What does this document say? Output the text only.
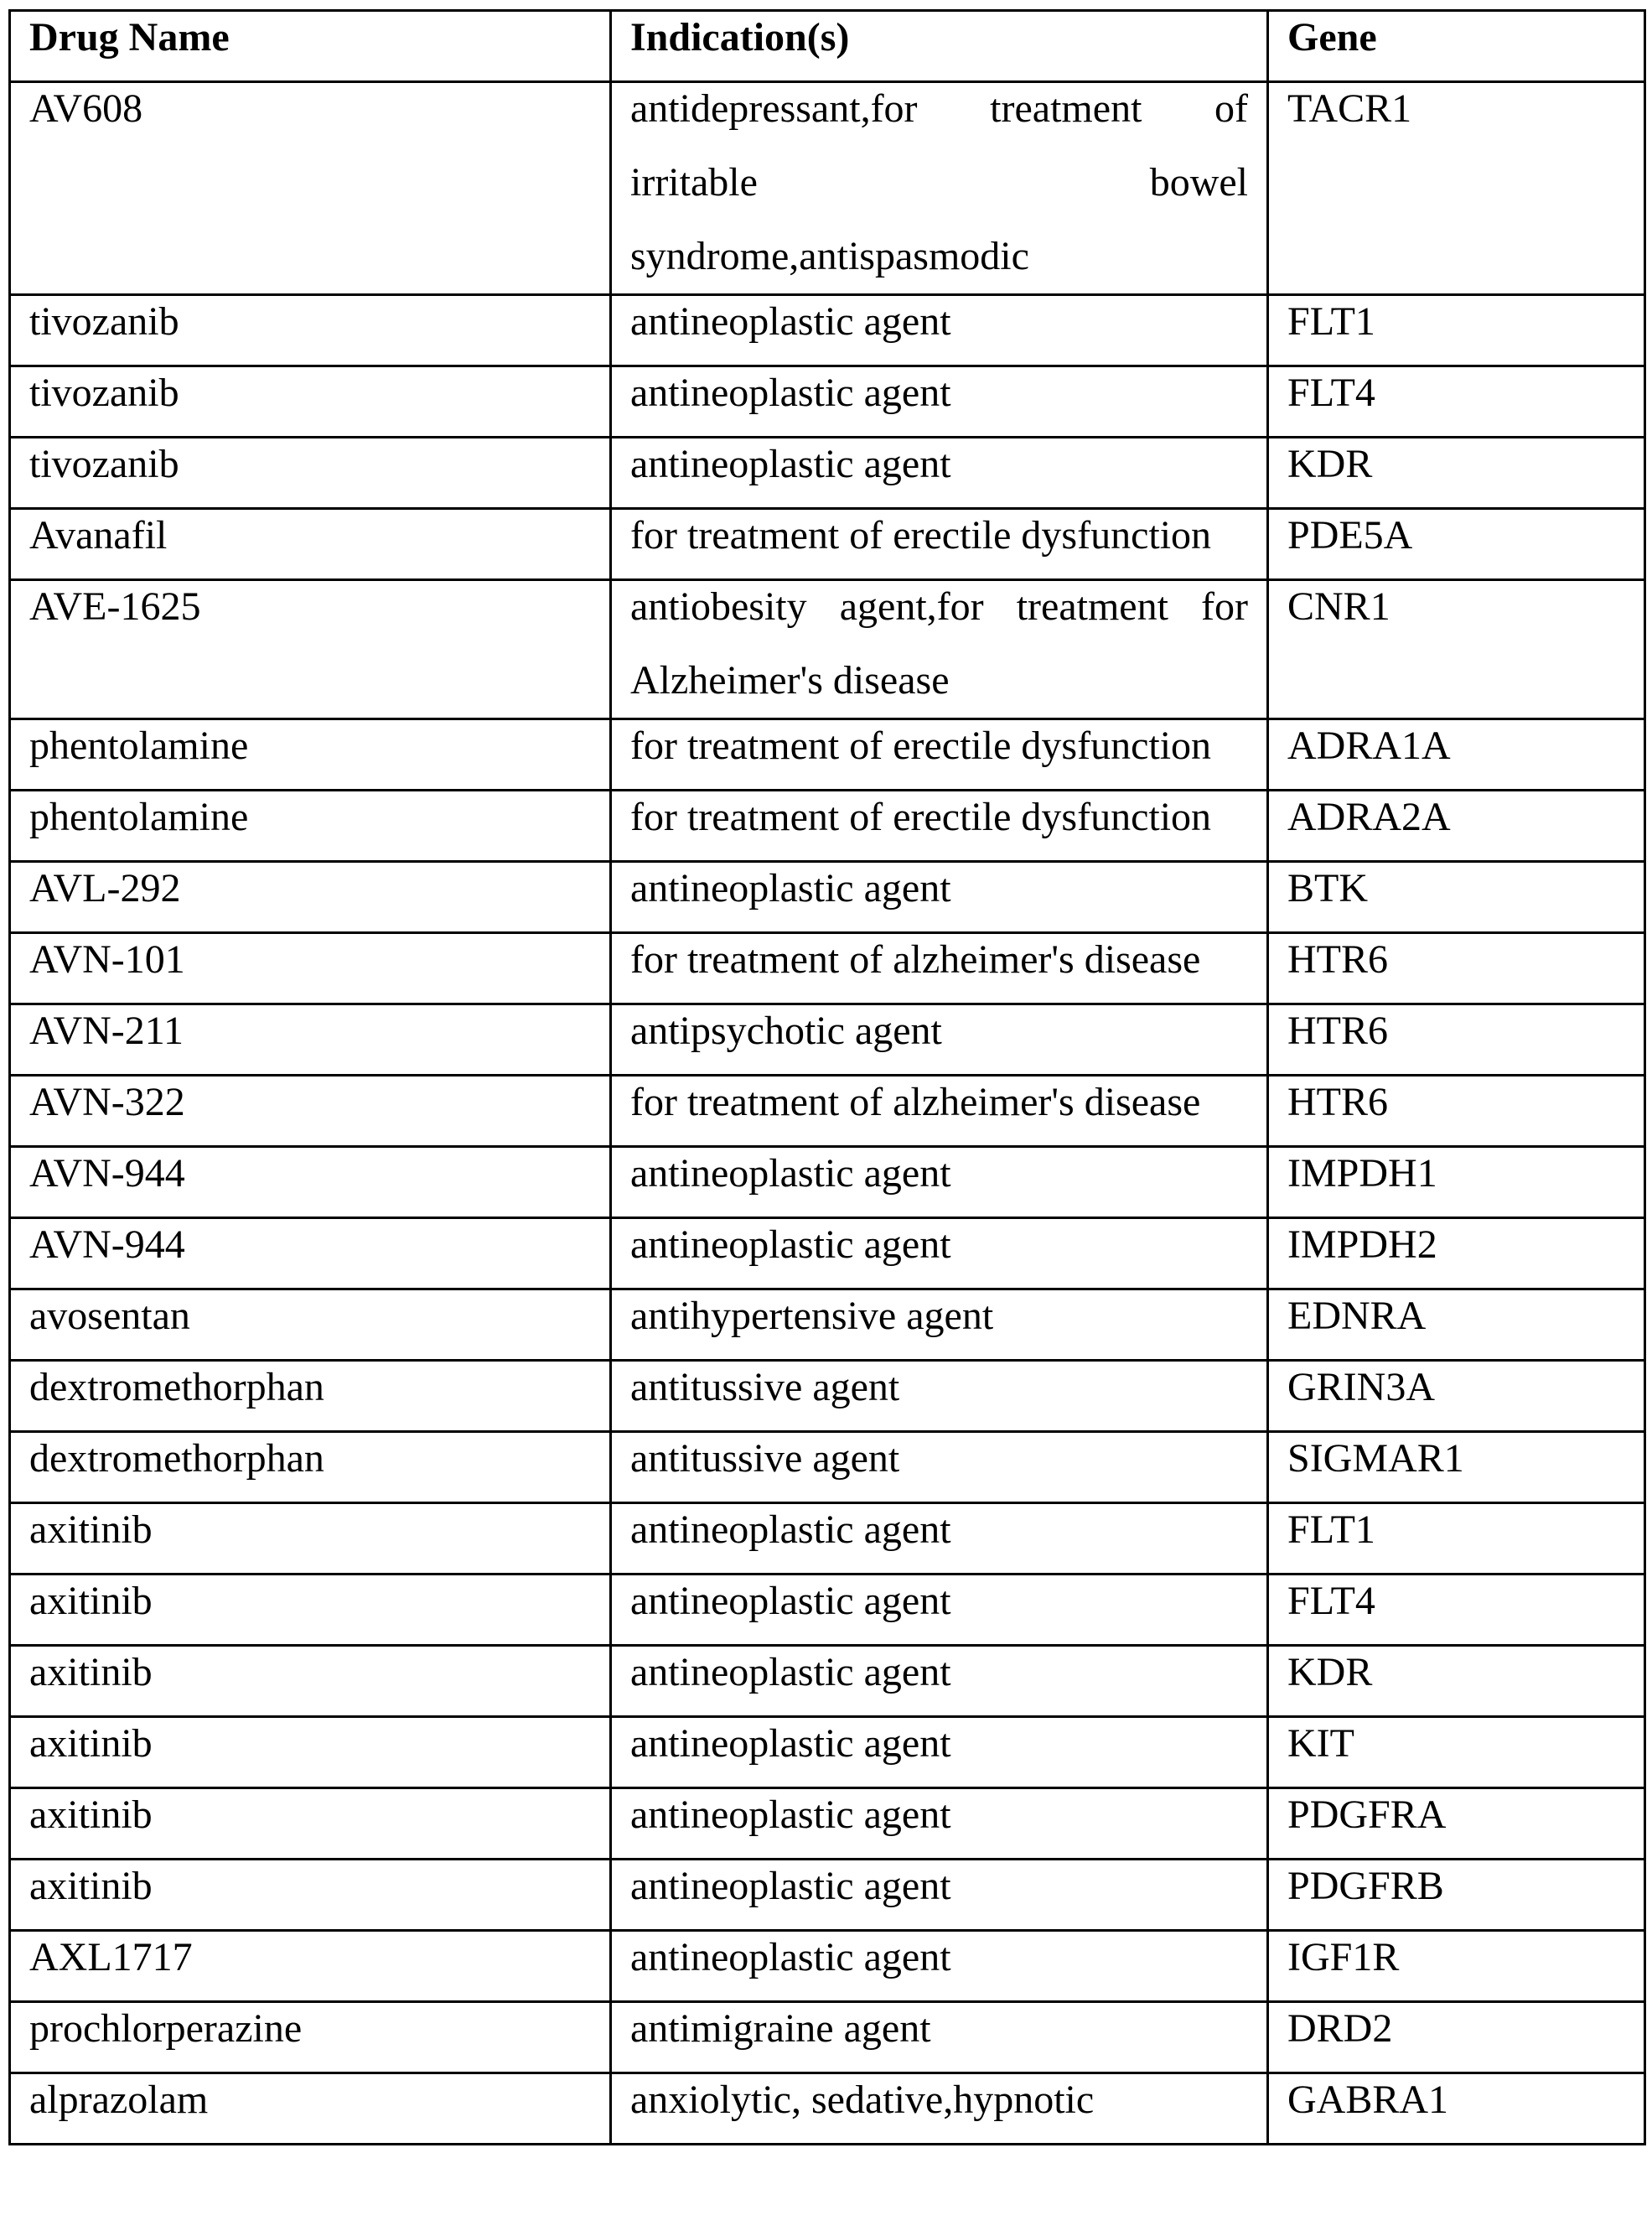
Drug Name	Indication(s)	Gene

AV608	antidepressant,for treatment of
irritable bowel
syndrome,antispasmodic	TACR1

tivozanib	antineoplastic agent	FLT1

tivozanib	antineoplastic agent	FLT4

tivozanib	antineoplastic agent	KDR

Avanafil	for treatment of erectile dysfunction	PDE5A

AVE-1625	antiobesity agent,for treatment for
Alzheimer's disease	CNR1

phentolamine	for treatment of erectile dysfunction	ADRA1A

phentolamine	for treatment of erectile dysfunction	ADRA2A

AVL-292	antineoplastic agent	BTK

AVN-101	for treatment of alzheimer's disease	HTR6

AVN-211	antipsychotic agent	HTR6

AVN-322	for treatment of alzheimer's disease	HTR6

AVN-944	antineoplastic agent	IMPDH1

AVN-944	antineoplastic agent	IMPDH2

avosentan	antihypertensive agent	EDNRA

dextromethorphan	antitussive agent	GRIN3A

dextromethorphan	antitussive agent	SIGMAR1

axitinib	antineoplastic agent	FLT1

axitinib	antineoplastic agent	FLT4

axitinib	antineoplastic agent	KDR

axitinib	antineoplastic agent	KIT

axitinib	antineoplastic agent	PDGFRA

axitinib	antineoplastic agent	PDGFRB

AXL1717	antineoplastic agent	IGF1R

prochlorperazine	antimigraine agent	DRD2

alprazolam	anxiolytic, sedative,hypnotic	GABRA1
